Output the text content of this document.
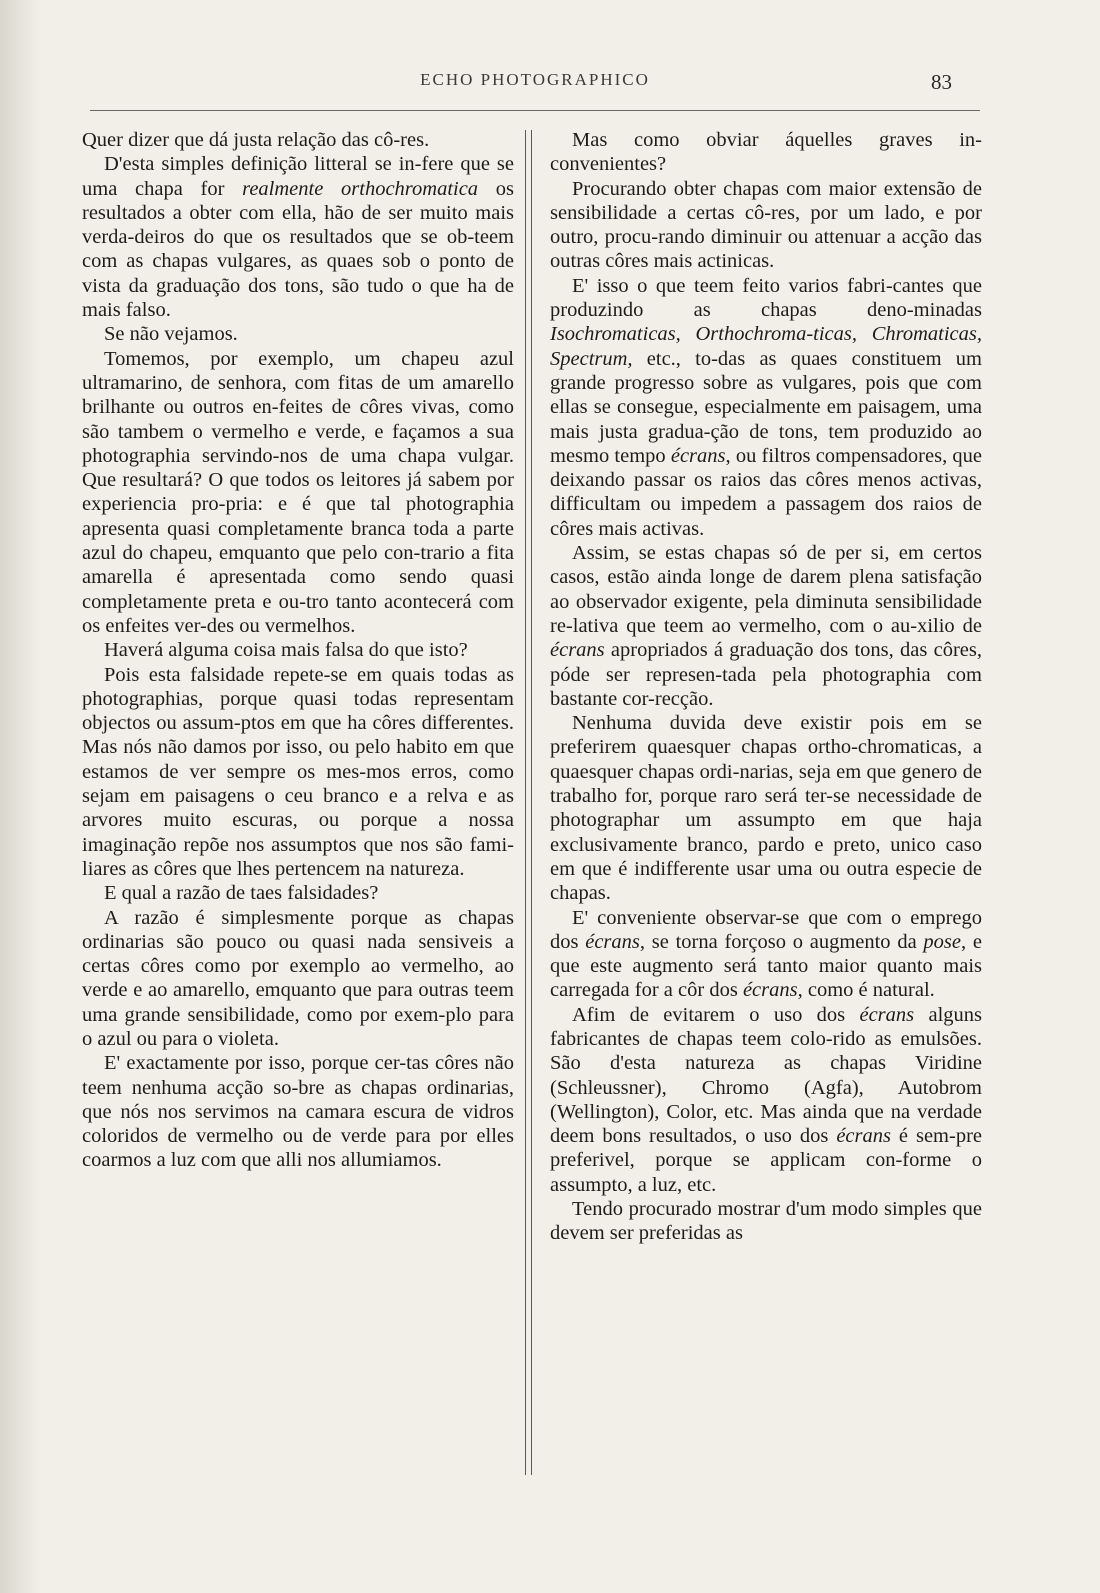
ECHO PHOTOGRAPHICO	83

Quer dizer que dá justa relação das cô-res.

D'esta simples definição litteral se in-fere que se uma chapa for realmente orthochromatica os resultados a obter com ella, hão de ser muito mais verda-deiros do que os resultados que se ob-teem com as chapas vulgares, as quaes sob o ponto de vista da graduação dos tons, são tudo o que ha de mais falso.

Se não vejamos.

Tomemos, por exemplo, um chapeu azul ultramarino, de senhora, com fitas de um amarello brilhante ou outros en-feites de côres vivas, como são tambem o vermelho e verde, e façamos a sua photographia servindo-nos de uma chapa vulgar. Que resultará? O que todos os leitores já sabem por experiencia pro-pria: e é que tal photographia apresenta quasi completamente branca toda a parte azul do chapeu, emquanto que pelo con-trario a fita amarella é apresentada como sendo quasi completamente preta e ou-tro tanto acontecerá com os enfeites ver-des ou vermelhos.

Haverá alguma coisa mais falsa do que isto?

Pois esta falsidade repete-se em quais todas as photographias, porque quasi todas representam objectos ou assum-ptos em que ha côres differentes. Mas nós não damos por isso, ou pelo habito em que estamos de ver sempre os mes-mos erros, como sejam em paisagens o ceu branco e a relva e as arvores muito escuras, ou porque a nossa imaginação repõe nos assumptos que nos são fami-liares as côres que lhes pertencem na natureza.

E qual a razão de taes falsidades?

A razão é simplesmente porque as chapas ordinarias são pouco ou quasi nada sensiveis a certas côres como por exemplo ao vermelho, ao verde e ao amarello, emquanto que para outras teem uma grande sensibilidade, como por exem-plo para o azul ou para o violeta.

E' exactamente por isso, porque cer-tas côres não teem nenhuma acção so-bre as chapas ordinarias, que nós nos servimos na camara escura de vidros coloridos de vermelho ou de verde para por elles coarmos a luz com que alli nos allumiamos.

Mas como obviar áquelles graves in-convenientes?

Procurando obter chapas com maior extensão de sensibilidade a certas cô-res, por um lado, e por outro, procu-rando diminuir ou attenuar a acção das outras côres mais actinicas.

E' isso o que teem feito varios fabri-cantes que produzindo as chapas deno-minadas Isochromaticas, Orthochroma-ticas, Chromaticas, Spectrum, etc., to-das as quaes constituem um grande progresso sobre as vulgares, pois que com ellas se consegue, especialmente em paisagem, uma mais justa gradua-ção de tons, tem produzido ao mesmo tempo écrans, ou filtros compensadores, que deixando passar os raios das côres menos activas, difficultam ou impedem a passagem dos raios de côres mais activas.

Assim, se estas chapas só de per si, em certos casos, estão ainda longe de darem plena satisfação ao observador exigente, pela diminuta sensibilidade re-lativa que teem ao vermelho, com o au-xilio de écrans apropriados á graduação dos tons, das côres, póde ser represen-tada pela photographia com bastante cor-recção.

Nenhuma duvida deve existir pois em se preferirem quaesquer chapas ortho-chromaticas, a quaesquer chapas ordi-narias, seja em que genero de trabalho for, porque raro será ter-se necessidade de photographar um assumpto em que haja exclusivamente branco, pardo e preto, unico caso em que é indifferente usar uma ou outra especie de chapas.

E' conveniente observar-se que com o emprego dos écrans, se torna forçoso o augmento da pose, e que este augmento será tanto maior quanto mais carregada for a côr dos écrans, como é natural.

Afim de evitarem o uso dos écrans alguns fabricantes de chapas teem colo-rido as emulsões. São d'esta natureza as chapas Viridine (Schleussner), Chromo (Agfa), Autobrom (Wellington), Color, etc. Mas ainda que na verdade deem bons resultados, o uso dos écrans é sem-pre preferivel, porque se applicam con-forme o assumpto, a luz, etc.

Tendo procurado mostrar d'um modo simples que devem ser preferidas as
